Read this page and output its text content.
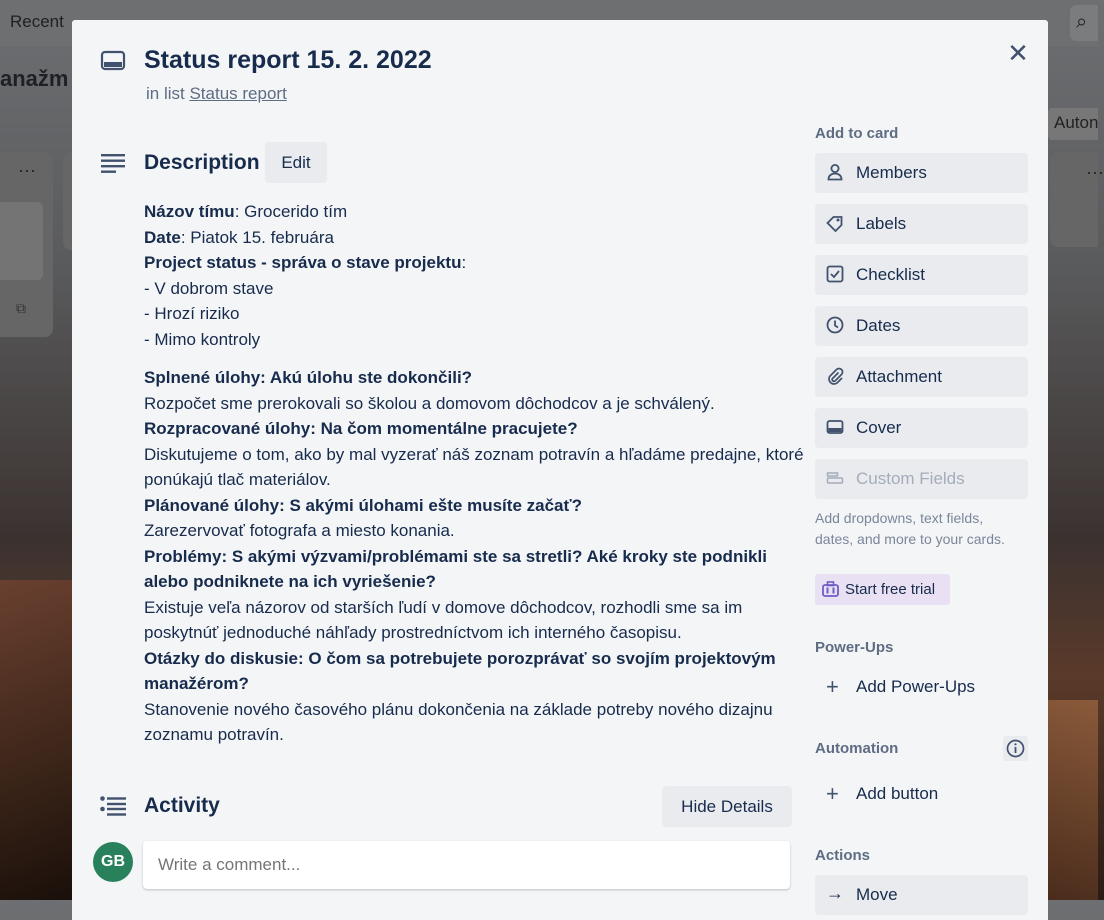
Recent	⌕
anažm
Auton
···
⧉
···
✕
Status report 15. 2. 2022
in list Status report
Description	Edit
Názov tímu: Grocerido tím
Date: Piatok 15. februára
Project status - správa o stave projektu:
- V dobrom stave
- Hrozí riziko
- Mimo kontroly
Splnené úlohy: Akú úlohu ste dokončili?
Rozpočet sme prerokovali so školou a domovom dôchodcov a je schválený.
Rozpracované úlohy: Na čom momentálne pracujete?
Diskutujeme o tom, ako by mal vyzerať náš zoznam potravín a hľadáme predajne, ktoré ponúkajú tlač materiálov.
Plánované úlohy: S akými úlohami ešte musíte začať?
Zarezervovať fotografa a miesto konania.
Problémy: S akými výzvami/problémami ste sa stretli? Aké kroky ste podnikli alebo podniknete na ich vyriešenie?
Existuje veľa názorov od starších ľudí v domove dôchodcov, rozhodli sme sa im poskytnúť jednoduché náhľady prostredníctvom ich interného časopisu.
Otázky do diskusie: O čom sa potrebujete porozprávať so svojím projektovým manažérom?
Stanovenie nového časového plánu dokončenia na základe potreby nového dizajnu zoznamu potravín.
Activity	Hide Details
GB
Write a comment...
Add to card
Members
Labels
Checklist
Dates
Attachment
Cover
Custom Fields
Add dropdowns, text fields, dates, and more to your cards.
Start free trial
Power-Ups
+ Add Power-Ups
Automation
+ Add button
Actions
→ Move
